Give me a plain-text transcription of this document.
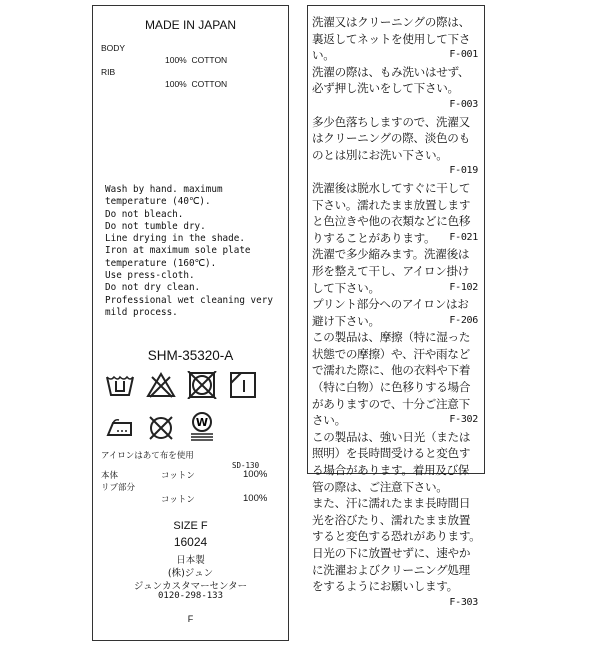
MADE IN JAPAN
BODY
100%  COTTON
RIB
100%  COTTON
Wash by hand. maximum
temperature (40℃).
Do not bleach.
Do not tumble dry.
Line drying in the shade.
Iron at maximum sole plate
temperature (160℃).
Use press-cloth.
Do not dry clean.
Professional wet cleaning very
mild process.
SHM-35320-A

W
アイロンはあて布を使用
SD-130
本体	コットン	100%
リブ部分
コットン	100%
SIZE F
16024
日本製
(株)ジュン
ジュンカスタマーセンター
0120-298-133
F
洗濯又はクリーニングの際は、
裏返してネットを使用して下さ
い。	F-001
洗濯の際は、もみ洗いはせず、
必ず押し洗いをして下さい。
F-003
多少色落ちしますので、洗濯又
はクリーニングの際、淡色のも
のとは別にお洗い下さい。
F-019
洗濯後は脱水してすぐに干して
下さい。濡れたまま放置します
と色泣きや他の衣類などに色移
りすることがあります。 F-021
洗濯で多少縮みます。洗濯後は
形を整えて干し、アイロン掛け
して下さい。	F-102
プリント部分へのアイロンはお
避け下さい。	F-206
この製品は、摩擦（特に湿った
状態での摩擦）や、汗や雨など
で濡れた際に、他の衣料や下着
（特に白物）に色移りする場合
がありますので、十分ご注意下
さい。	F-302
この製品は、強い日光（または
照明）を長時間受けると変色す
る場合があります。着用及び保
管の際は、ご注意下さい。
また、汗に濡れたまま長時間日
光を浴びたり、濡れたまま放置
すると変色する恐れがあります。
日光の下に放置せずに、速やか
に洗濯およびクリーニング処理
をするようにお願いします。
F-303
